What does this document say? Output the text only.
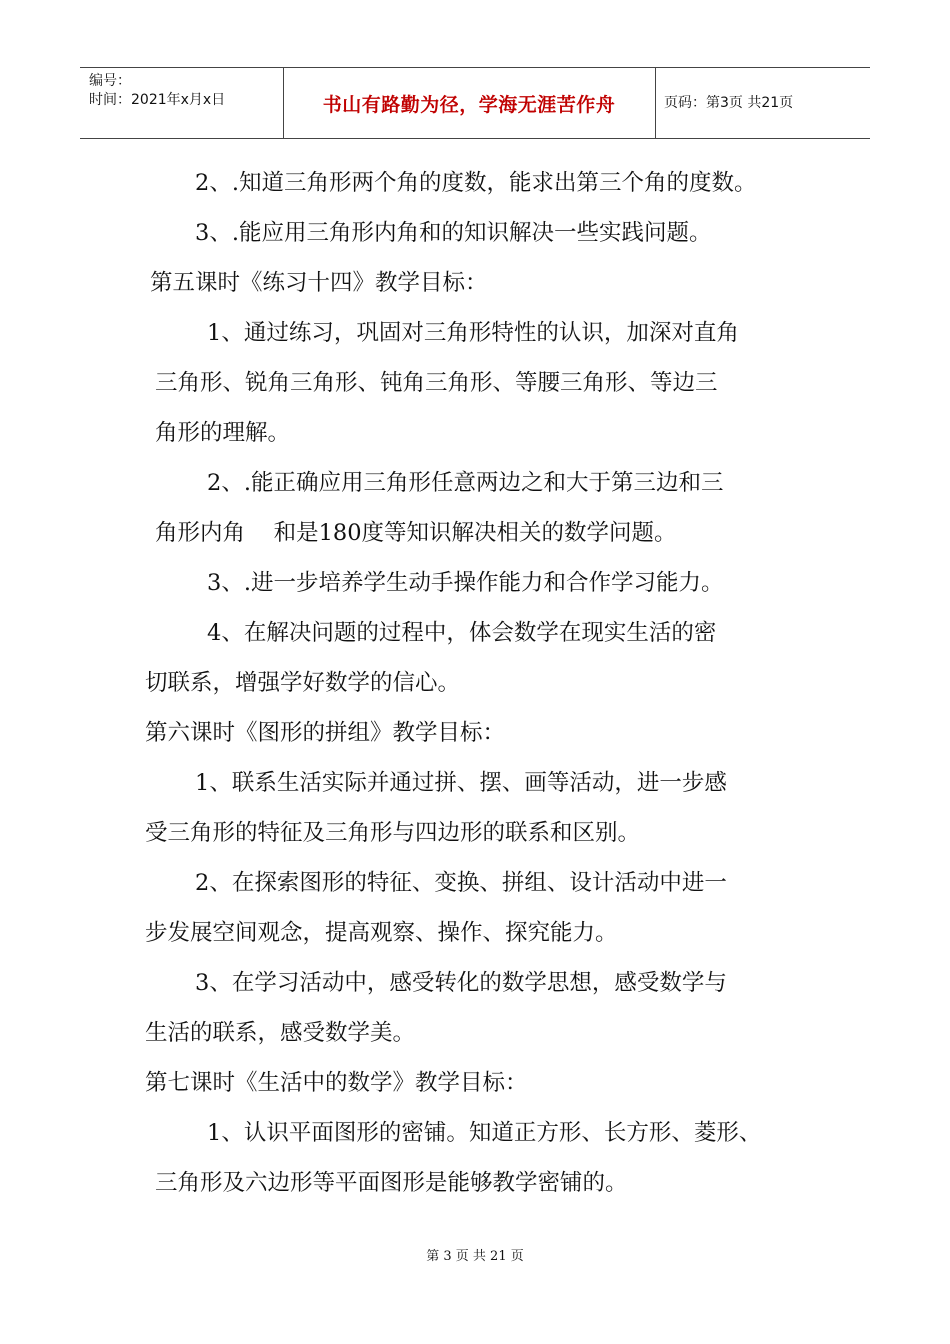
编号：
时间：2021年x月x日	书山有路勤为径，学海无涯苦作舟	页码：第3页 共21页
2、.知道三角形两个角的度数，能求出第三个角的度数。
3、.能应用三角形内角和的知识解决一些实践问题。
第五课时《练习十四》教学目标：
1、通过练习，巩固对三角形特性的认识，加深对直角
三角形、锐角三角形、钝角三角形、等腰三角形、等边三
角形的理解。
2、.能正确应用三角形任意两边之和大于第三边和三
角形内角    和是180度等知识解决相关的数学问题。
3、.进一步培养学生动手操作能力和合作学习能力。
4、在解决问题的过程中，体会数学在现实生活的密
切联系，增强学好数学的信心。
第六课时《图形的拼组》教学目标：
1、联系生活实际并通过拼、摆、画等活动，进一步感
受三角形的特征及三角形与四边形的联系和区别。
2、在探索图形的特征、变换、拼组、设计活动中进一
步发展空间观念，提高观察、操作、探究能力。
3、在学习活动中，感受转化的数学思想，感受数学与
生活的联系，感受数学美。
第七课时《生活中的数学》教学目标：
1、认识平面图形的密铺。知道正方形、长方形、菱形、
三角形及六边形等平面图形是能够教学密铺的。
第 3 页 共 21 页
